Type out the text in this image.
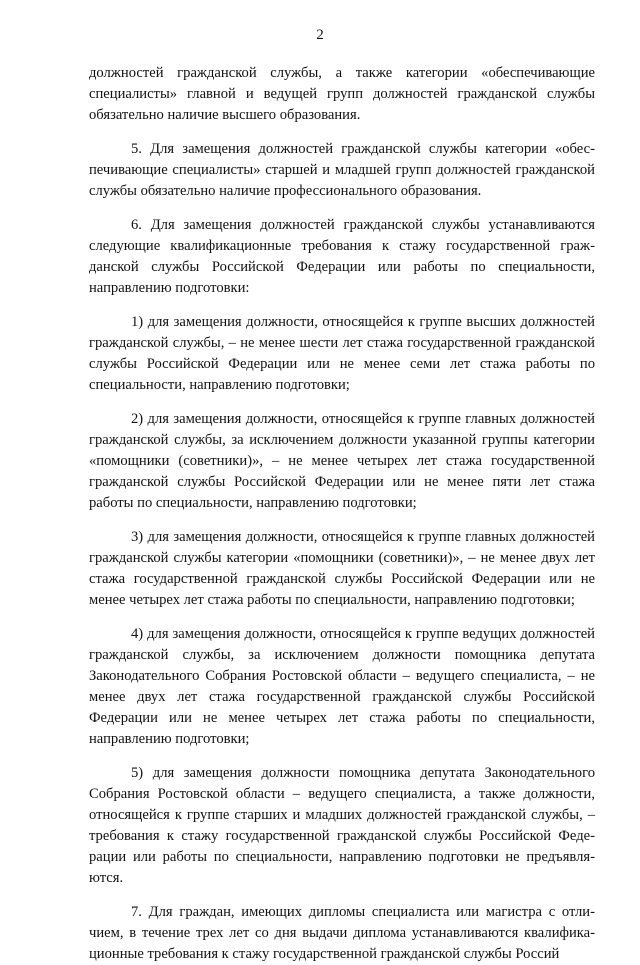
2

должностей гражданской службы, а также категории «обеспечивающие специалисты» главной и ведущей групп должностей гражданской службы обязательно наличие высшего образования.

5. Для замещения должностей гражданской службы категории «обеспечивающие специалисты» старшей и младшей групп должностей гражданской службы обязательно наличие профессионального образования.

6. Для замещения должностей гражданской службы устанавливаются следующие квалификационные требования к стажу государственной гражданской службы Российской Федерации или работы по специальности, направлению подготовки:

1) для замещения должности, относящейся к группе высших должностей гражданской службы, – не менее шести лет стажа государственной гражданской службы Российской Федерации или не менее семи лет стажа работы по специальности, направлению подготовки;

2) для замещения должности, относящейся к группе главных должностей гражданской службы, за исключением должности указанной группы категории «помощники (советники)», – не менее четырех лет стажа государственной гражданской службы Российской Федерации или не менее пяти лет стажа работы по специальности, направлению подготовки;

3) для замещения должности, относящейся к группе главных должностей гражданской службы категории «помощники (советники)», – не менее двух лет стажа государственной гражданской службы Российской Федерации или не менее четырех лет стажа работы по специальности, направлению подготовки;

4) для замещения должности, относящейся к группе ведущих должностей гражданской службы, за исключением должности помощника депутата Законодательного Собрания Ростовской области – ведущего специалиста, – не менее двух лет стажа государственной гражданской службы Российской Федерации или не менее четырех лет стажа работы по специальности, направлению подготовки;

5) для замещения должности помощника депутата Законодательного Собрания Ростовской области – ведущего специалиста, а также должности, относящейся к группе старших и младших должностей гражданской службы, – требования к стажу государственной гражданской службы Российской Федерации или работы по специальности, направлению подготовки не предъявляются.

7. Для граждан, имеющих дипломы специалиста или магистра с отличием, в течение трех лет со дня выдачи диплома устанавливаются квалификационные требования к стажу государственной гражданской службы Россий
